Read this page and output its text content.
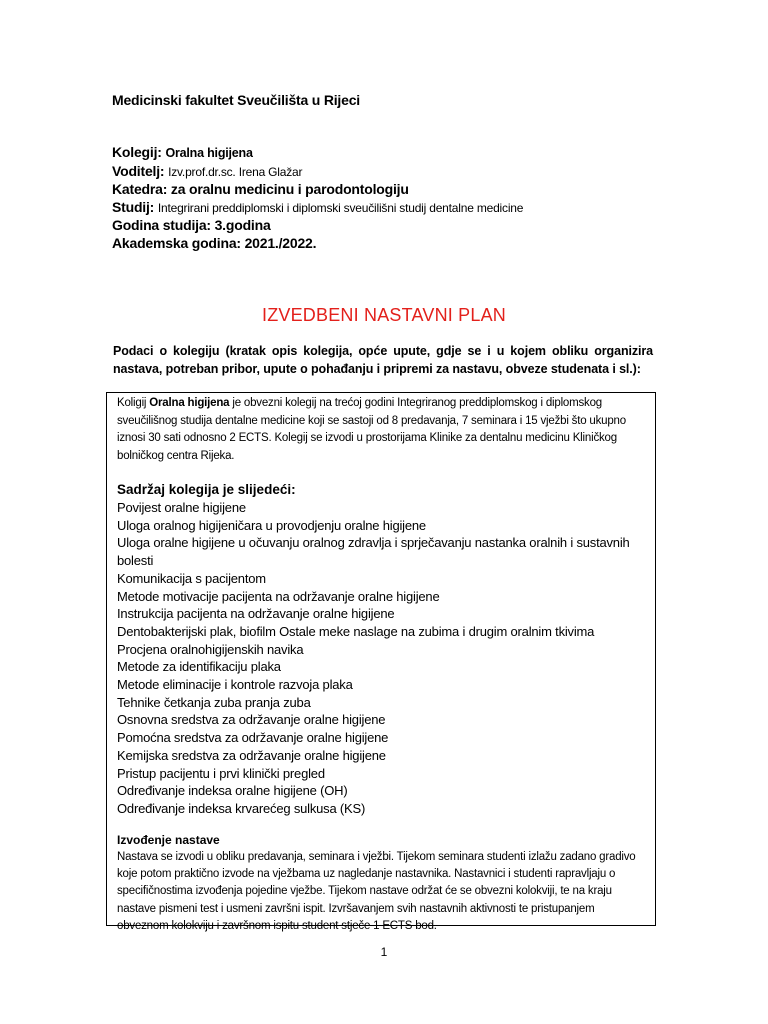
Medicinski fakultet Sveučilišta u Rijeci
Kolegij: Oralna higijena
Voditelj: Izv.prof.dr.sc. Irena Glažar
Katedra: za oralnu medicinu i parodontologiju
Studij: Integrirani preddiplomski i diplomski sveučilišni studij dentalne medicine
Godina studija: 3.godina
Akademska godina: 2021./2022.
IZVEDBENI NASTAVNI PLAN
Podaci o kolegiju (kratak opis kolegija, opće upute, gdje se i u kojem obliku organizira nastava, potreban pribor, upute o pohađanju i pripremi za nastavu, obveze studenata i sl.):
Koligij Oralna higijena je obvezni kolegij na trećoj godini Integriranog preddiplomskog i diplomskog sveučilišnog studija dentalne medicine koji se sastoji od 8 predavanja, 7 seminara i 15 vježbi što ukupno iznosi 30 sati odnosno 2 ECTS. Kolegij se izvodi u prostorijama Klinike za dentalnu medicinu Kliničkog bolničkog centra Rijeka.
Sadržaj kolegija je slijedeći:
Povijest oralne higijene
Uloga oralnog higijeničara u provodjenju oralne higijene
Uloga oralne higijene u očuvanju oralnog zdravlja i sprječavanju nastanka oralnih i sustavnih bolesti
Komunikacija s pacijentom
Metode motivacije pacijenta na održavanje oralne higijene
Instrukcija pacijenta na održavanje oralne higijene
Dentobakterijski plak, biofilm Ostale meke naslage na zubima i drugim oralnim tkivima
Procjena oralnohigijenskih navika
Metode za identifikaciju plaka
Metode eliminacije i kontrole razvoja plaka
Tehnike četkanja zuba pranja zuba
Osnovna sredstva za održavanje oralne higijene
Pomoćna sredstva za održavanje oralne higijene
Kemijska sredstva za održavanje oralne higijene
Pristup pacijentu i prvi klinički pregled
Određivanje indeksa oralne higijene (OH)
Određivanje indeksa krvarećeg sulkusa (KS)
Izvođenje nastave
Nastava se izvodi u obliku predavanja, seminara i vježbi. Tijekom seminara studenti izlažu zadano gradivo koje potom praktično izvode na vježbama uz nagledanje nastavnika. Nastavnici i studenti rapravljaju o specifičnostima izvođenja pojedine vježbe. Tijekom nastave održat će se obvezni kolokviji, te na kraju nastave pismeni test i usmeni završni ispit. Izvršavanjem svih nastavnih aktivnosti te pristupanjem obveznom kolokviju i završnom ispitu student stječe 1 ECTS bod.
1
